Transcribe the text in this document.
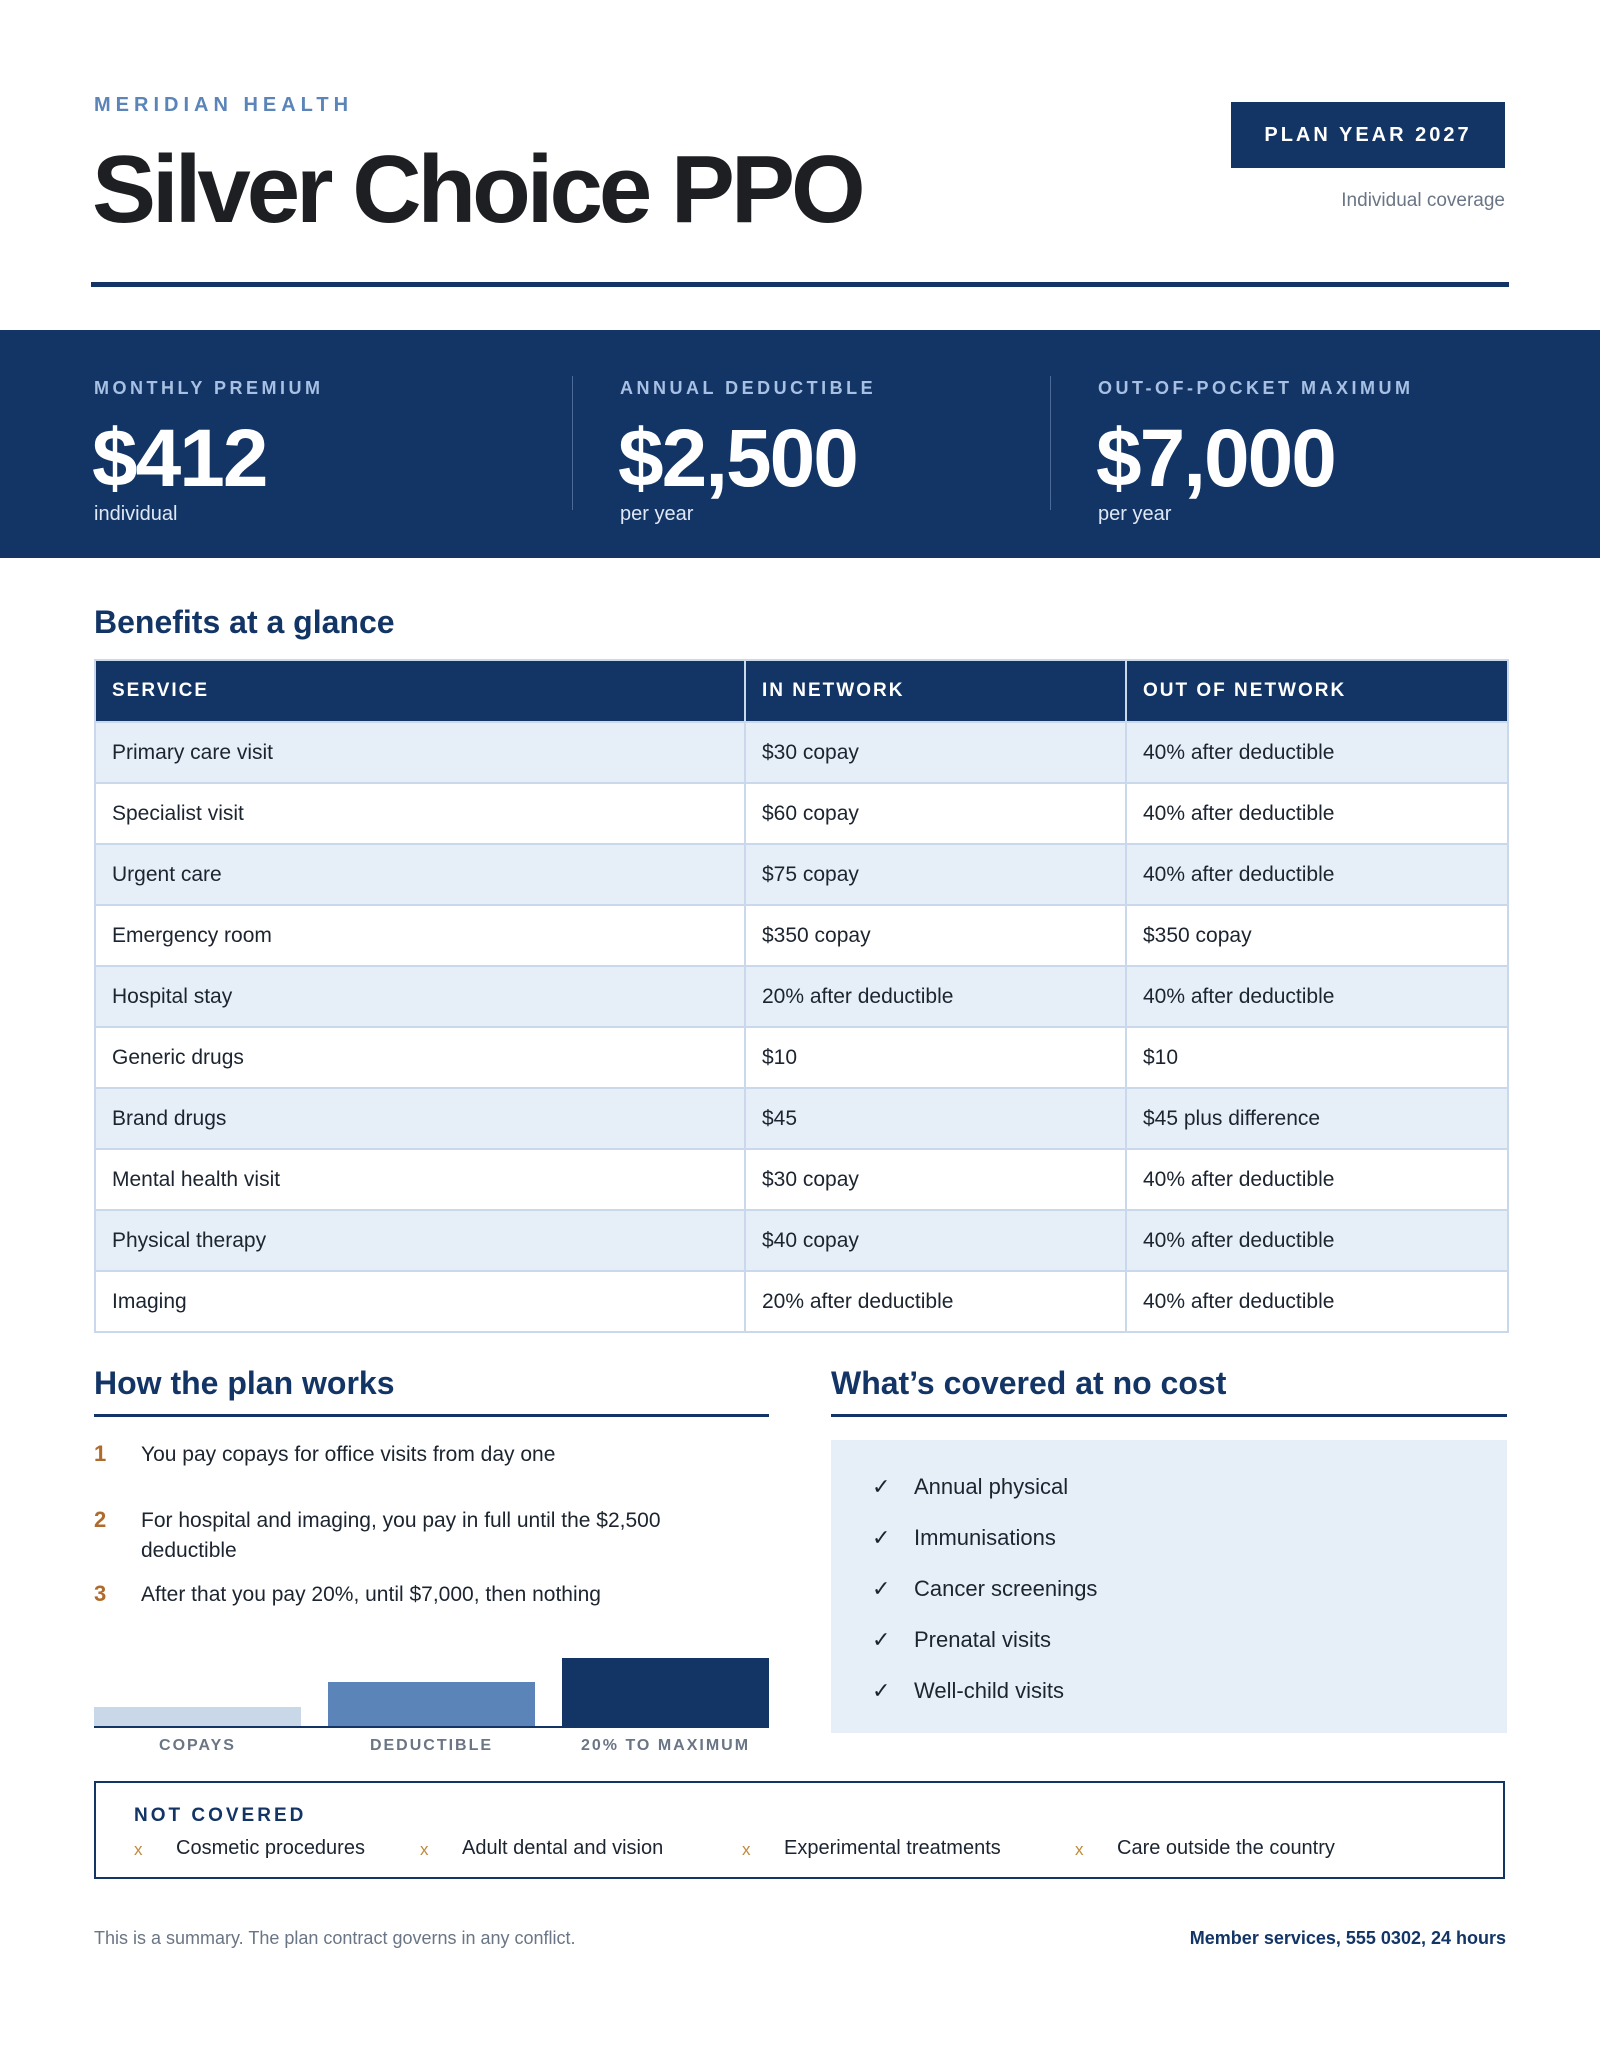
MERIDIAN HEALTH
Silver Choice PPO
PLAN YEAR 2027
Individual coverage
MONTHLY PREMIUM
$412
individual
ANNUAL DEDUCTIBLE
$2,500
per year
OUT-OF-POCKET MAXIMUM
$7,000
per year
Benefits at a glance
SERVICE	IN NETWORK	OUT OF NETWORK
Primary care visit	$30 copay	40% after deductible
Specialist visit	$60 copay	40% after deductible
Urgent care	$75 copay	40% after deductible
Emergency room	$350 copay	$350 copay
Hospital stay	20% after deductible	40% after deductible
Generic drugs	$10	$10
Brand drugs	$45	$45 plus difference
Mental health visit	$30 copay	40% after deductible
Physical therapy	$40 copay	40% after deductible
Imaging	20% after deductible	40% after deductible
How the plan works
1 You pay copays for office visits from day one
2 For hospital and imaging, you pay in full until the $2,500 deductible
3 After that you pay 20%, until $7,000, then nothing
COPAYS	DEDUCTIBLE	20% TO MAXIMUM
What’s covered at no cost
✓ Annual physical
✓ Immunisations
✓ Cancer screenings
✓ Prenatal visits
✓ Well-child visits
NOT COVERED
x Cosmetic procedures	x Adult dental and vision	x Experimental treatments	x Care outside the country
This is a summary. The plan contract governs in any conflict.	Member services, 555 0302, 24 hours
